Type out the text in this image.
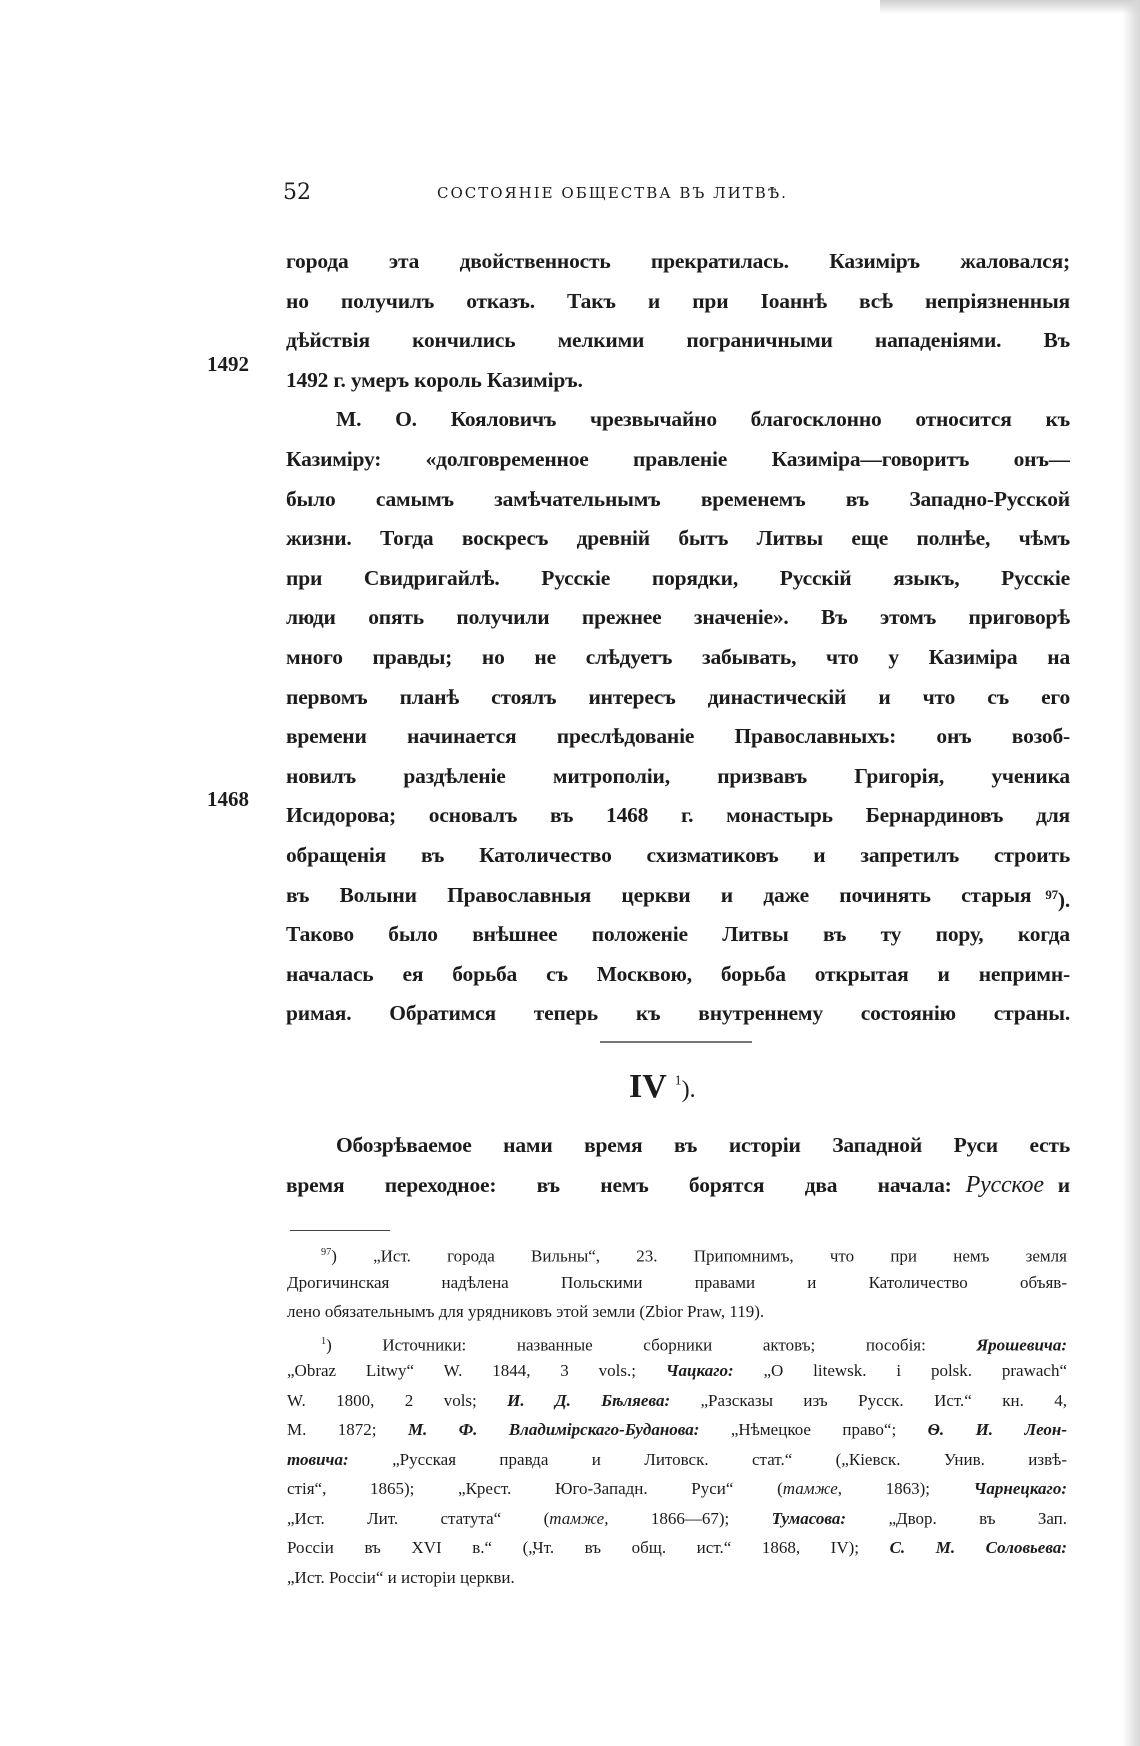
52	СОСТОЯНІЕ ОБЩЕСТВА ВЪ ЛИТВѢ.
1492
1468
города эта двойственность прекратилась. Казиміръ жаловался;
но получилъ отказъ. Такъ и при Іоаннѣ всѣ непріязненныя
дѣйствія кончились мелкими пограничными нападеніями. Въ
1492 г. умеръ король Казиміръ.
М. О. Кояловичъ чрезвычайно благосклонно относится къ
Казиміру: «долговременное правленіе Казиміра—говоритъ онъ—
было самымъ замѣчательнымъ временемъ въ Западно-Русской
жизни. Тогда воскресъ древній бытъ Литвы еще полнѣе, чѣмъ
при Свидригайлѣ. Русскіе порядки, Русскій языкъ, Русскіе
люди опять получили прежнее значеніе». Въ этомъ приговорѣ
много правды; но не слѣдуетъ забывать, что у Казиміра на
первомъ планѣ стоялъ интересъ династическій и что съ его
времени начинается преслѣдованіе Православныхъ: онъ возоб-
новилъ раздѣленіе митрополіи, призвавъ Григорія, ученика
Исидорова; основалъ въ 1468 г. монастырь Бернардиновъ для
обращенія въ Католичество схизматиковъ и запретилъ строить
въ Волыни Православныя церкви и даже починять старыя	$^{97}$).
Таково было внѣшнее положеніе Литвы въ ту пору, когда
началась ея борьба съ Москвою, борьба открытая и непримн-
римая. Обратимся теперь къ внутреннему состоянію страны.
IV $^1$).
Обозрѣваемое нами время въ исторіи Западной Руси есть
время переходное: въ немъ борятся два начала: Русское и
$^{97}$) „Ист. города Вильны“, 23. Припомнимъ, что при немъ земля
Дрогичинская надѣлена Польскими правами и Католичество объяв-
лено обязательнымъ для урядниковъ этой земли (Zbior Praw, 119).
$^1$) Источники: названные сборники актовъ; пособія:	Ярошевича:
„Obraz Litwy“ W. 1844, 3 vols.; Чацкаго: „O litewsk. i polsk. prawach“
W. 1800, 2 vols; И. Д. Бѣляева: „Разсказы изъ Русск. Ист.“ кн. 4,
М. 1872; М. Ф. Владимірскаго-Буданова: „Нѣмецкое право“; Ѳ. И. Леон-
товича:	„Русская правда и Литовск. стат.“ („Кіевск. Унив. извѣ-
стія“, 1865); „Крест. Юго-Западн. Руси“ (тамже, 1863);	Чарнецкаго:
„Ист. Лит. статута“ (тамже, 1866—67); Тумасова: „Двор. въ Зап.
Россіи въ XVI в.“ („Чт. въ общ. ист.“ 1868, IV); С. М. Соловьева:
„Ист. Россіи“ и исторіи церкви.
